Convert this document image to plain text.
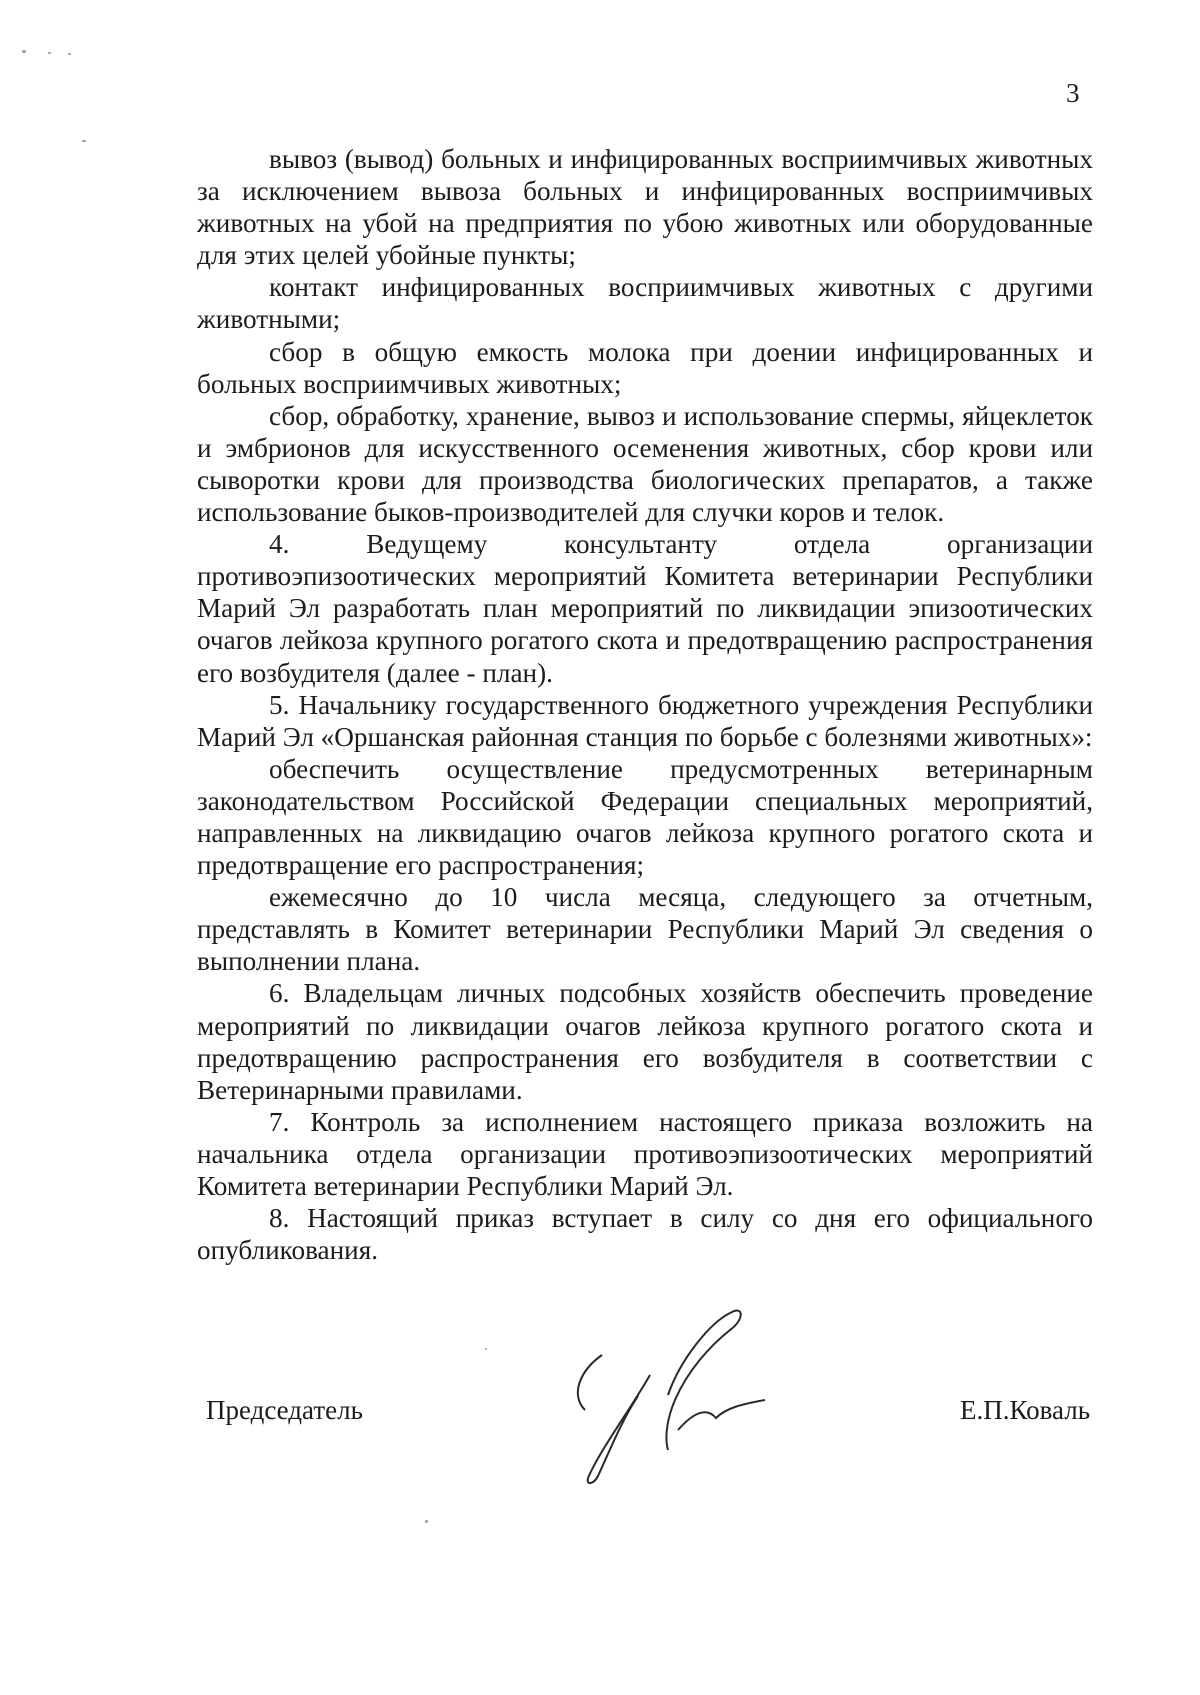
3

вывоз (вывод) больных и инфицированных восприимчивых животных за исключением вывоза больных и инфицированных восприимчивых животных на убой на предприятия по убою животных или оборудованные для этих целей убойные пункты;

контакт инфицированных восприимчивых животных с другими животными;

сбор в общую емкость молока при доении инфицированных и больных восприимчивых животных;

сбор, обработку, хранение, вывоз и использование спермы, яйцеклеток и эмбрионов для искусственного осеменения животных, сбор крови или сыворотки крови для производства биологических препаратов, а также использование быков-производителей для случки коров и телок.

4. Ведущему консультанту отдела организации противоэпизоотических мероприятий Комитета ветеринарии Республики Марий Эл разработать план мероприятий по ликвидации эпизоотических очагов лейкоза крупного рогатого скота и предотвращению распространения его возбудителя (далее - план).

5. Начальнику государственного бюджетного учреждения Республики Марий Эл «Оршанская районная станция по борьбе с болезнями животных»:

обеспечить осуществление предусмотренных ветеринарным законодательством Российской Федерации специальных мероприятий, направленных на ликвидацию очагов лейкоза крупного рогатого скота и предотвращение его распространения;

ежемесячно до 10 числа месяца, следующего за отчетным, представлять в Комитет ветеринарии Республики Марий Эл сведения о выполнении плана.

6. Владельцам личных подсобных хозяйств обеспечить проведение мероприятий по ликвидации очагов лейкоза крупного рогатого скота и предотвращению распространения его возбудителя в соответствии с Ветеринарными правилами.

7. Контроль за исполнением настоящего приказа возложить на начальника отдела организации противоэпизоотических мероприятий Комитета ветеринарии Республики Марий Эл.

8. Настоящий приказ вступает в силу со дня его официального опубликования.

Председатель	Е.П.Коваль
